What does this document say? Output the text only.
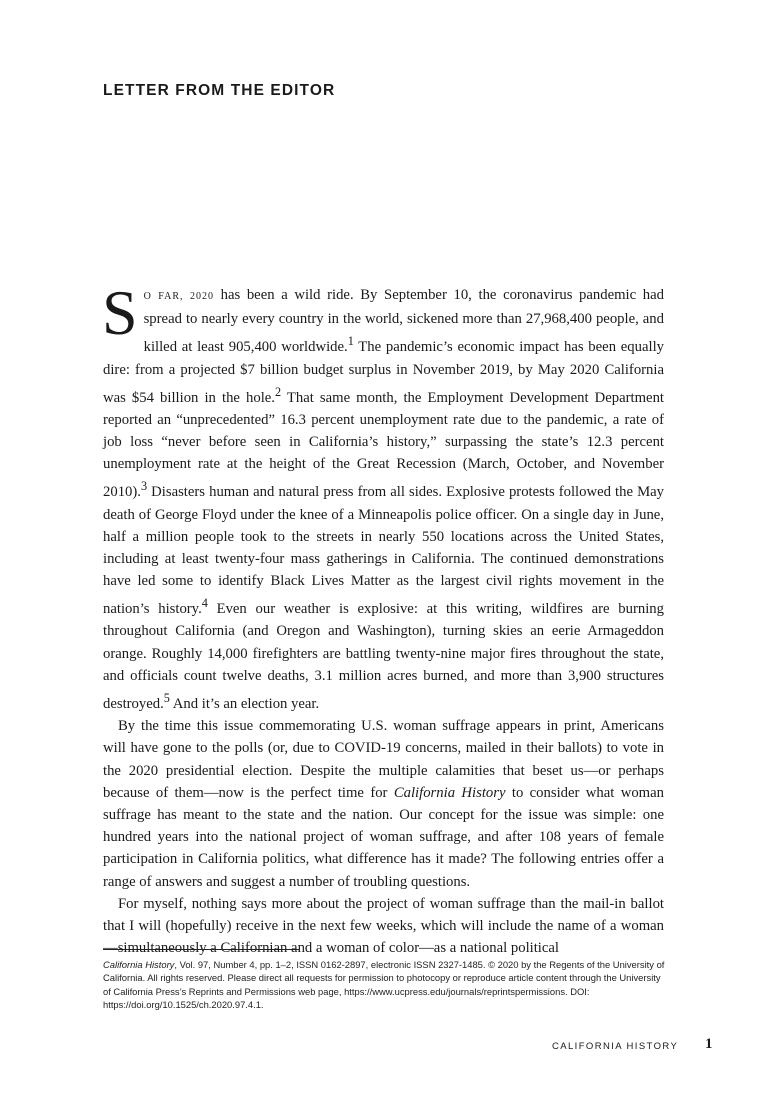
LETTER FROM THE EDITOR

SO FAR, 2020 has been a wild ride. By September 10, the coronavirus pandemic had spread to nearly every country in the world, sickened more than 27,968,400 people, and killed at least 905,400 worldwide.$^1$ The pandemic’s economic impact has been equally dire: from a projected $7 billion budget surplus in November 2019, by May 2020 California was $54 billion in the hole.$^2$ That same month, the Employment Development Department reported an “unprecedented” 16.3 percent unemployment rate due to the pandemic, a rate of job loss “never before seen in California’s history,” surpassing the state’s 12.3 percent unemployment rate at the height of the Great Recession (March, October, and November 2010).$^3$ Disasters human and natural press from all sides. Explosive protests followed the May death of George Floyd under the knee of a Minneapolis police officer. On a single day in June, half a million people took to the streets in nearly 550 locations across the United States, including at least twenty-four mass gatherings in California. The continued demonstrations have led some to identify Black Lives Matter as the largest civil rights movement in the nation’s history.$^4$ Even our weather is explosive: at this writing, wildfires are burning throughout California (and Oregon and Washington), turning skies an eerie Armageddon orange. Roughly 14,000 firefighters are battling twenty-nine major fires throughout the state, and officials count twelve deaths, 3.1 million acres burned, and more than 3,900 structures destroyed.$^5$ And it’s an election year.

By the time this issue commemorating U.S. woman suffrage appears in print, Americans will have gone to the polls (or, due to COVID-19 concerns, mailed in their ballots) to vote in the 2020 presidential election. Despite the multiple calamities that beset us—or perhaps because of them—now is the perfect time for California History to consider what woman suffrage has meant to the state and the nation. Our concept for the issue was simple: one hundred years into the national project of woman suffrage, and after 108 years of female participation in California politics, what difference has it made? The following entries offer a range of answers and suggest a number of troubling questions.

For myself, nothing says more about the project of woman suffrage than the mail-in ballot that I will (hopefully) receive in the next few weeks, which will include the name of a woman—simultaneously a Californian and a woman of color—as a national political

California History, Vol. 97, Number 4, pp. 1–2, ISSN 0162-2897, electronic ISSN 2327-1485. © 2020 by the Regents of the University of California. All rights reserved. Please direct all requests for permission to photocopy or reproduce article content through the University of California Press’s Reprints and Permissions web page, https://www.ucpress.edu/journals/reprintspermissions. DOI: https://doi.org/10.1525/ch.2020.97.4.1.
CALIFORNIA HISTORY 1
